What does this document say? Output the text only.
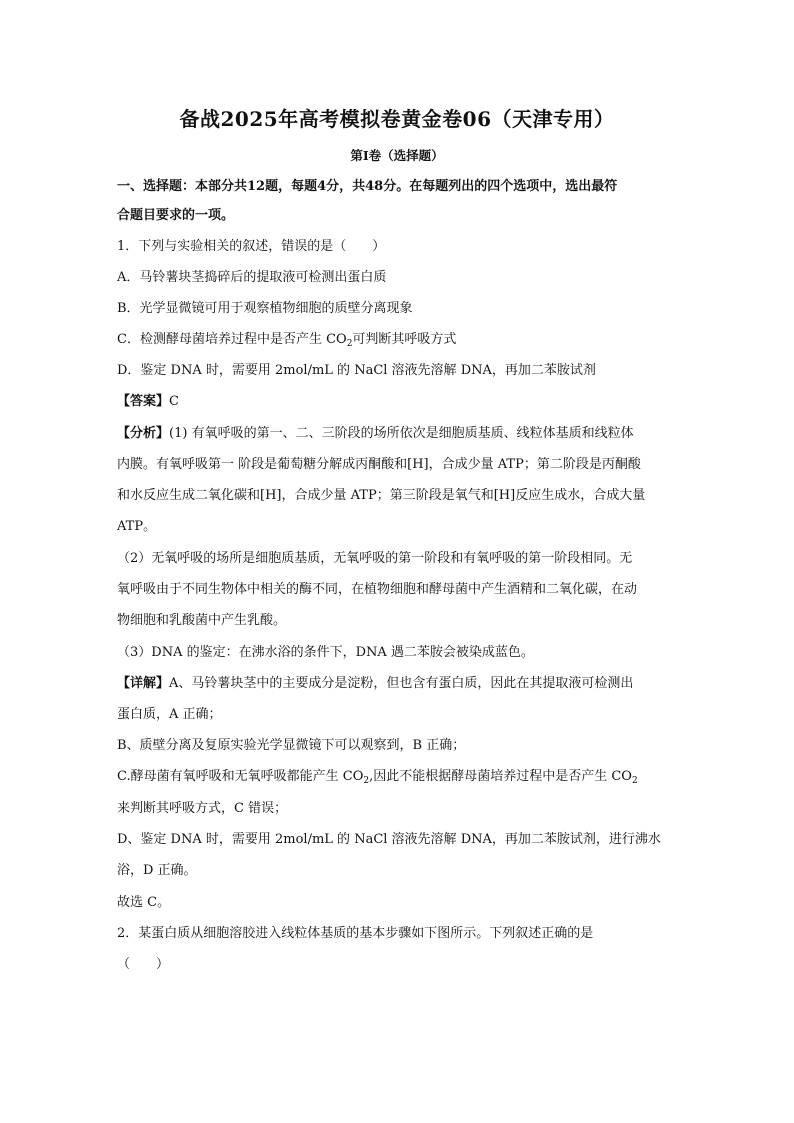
备战2025年高考模拟卷黄金卷06（天津专用）
第I卷（选择题）
一、选择题：本部分共12题，每题4分，共48分。在每题列出的四个选项中，选出最符
合题目要求的一项。
1．下列与实验相关的叙述，错误的是（　　）
A．马铃薯块茎捣碎后的提取液可检测出蛋白质
B．光学显微镜可用于观察植物细胞的质壁分离现象
C．检测酵母菌培养过程中是否产生 $CO_2$可判断其呼吸方式
D．鉴定 DNA 时，需要用 2mol/mL 的 NaCl 溶液先溶解 DNA，再加二苯胺试剂
【答案】C
【分析】(1) 有氧呼吸的第一、二、三阶段的场所依次是细胞质基质、线粒体基质和线粒体
内膜。有氧呼吸第一 阶段是葡萄糖分解成丙酮酸和[H]，合成少量 ATP；第二阶段是丙酮酸
和水反应生成二氧化碳和[H]，合成少量 ATP；第三阶段是氧气和[H]反应生成水，合成大量
ATP。
（2）无氧呼吸的场所是细胞质基质，无氧呼吸的第一阶段和有氧呼吸的第一阶段相同。无
氧呼吸由于不同生物体中相关的酶不同，在植物细胞和酵母菌中产生酒精和二氧化碳，在动
物细胞和乳酸菌中产生乳酸。
（3）DNA 的鉴定：在沸水浴的条件下，DNA 遇二苯胺会被染成蓝色。
【详解】A、马铃薯块茎中的主要成分是淀粉，但也含有蛋白质，因此在其提取液可检测出
蛋白质，A 正确；
B、质壁分离及复原实验光学显微镜下可以观察到，B 正确；
C.酵母菌有氧呼吸和无氧呼吸都能产生 $CO_2$,因此不能根据酵母菌培养过程中是否产生 $CO_2$
来判断其呼吸方式，C 错误；
D、鉴定 DNA 时，需要用 2mol/mL 的 NaCl 溶液先溶解 DNA，再加二苯胺试剂，进行沸水
浴，D 正确。
故选 C。
2．某蛋白质从细胞溶胶进入线粒体基质的基本步骤如下图所示。下列叙述正确的是
（　　）
